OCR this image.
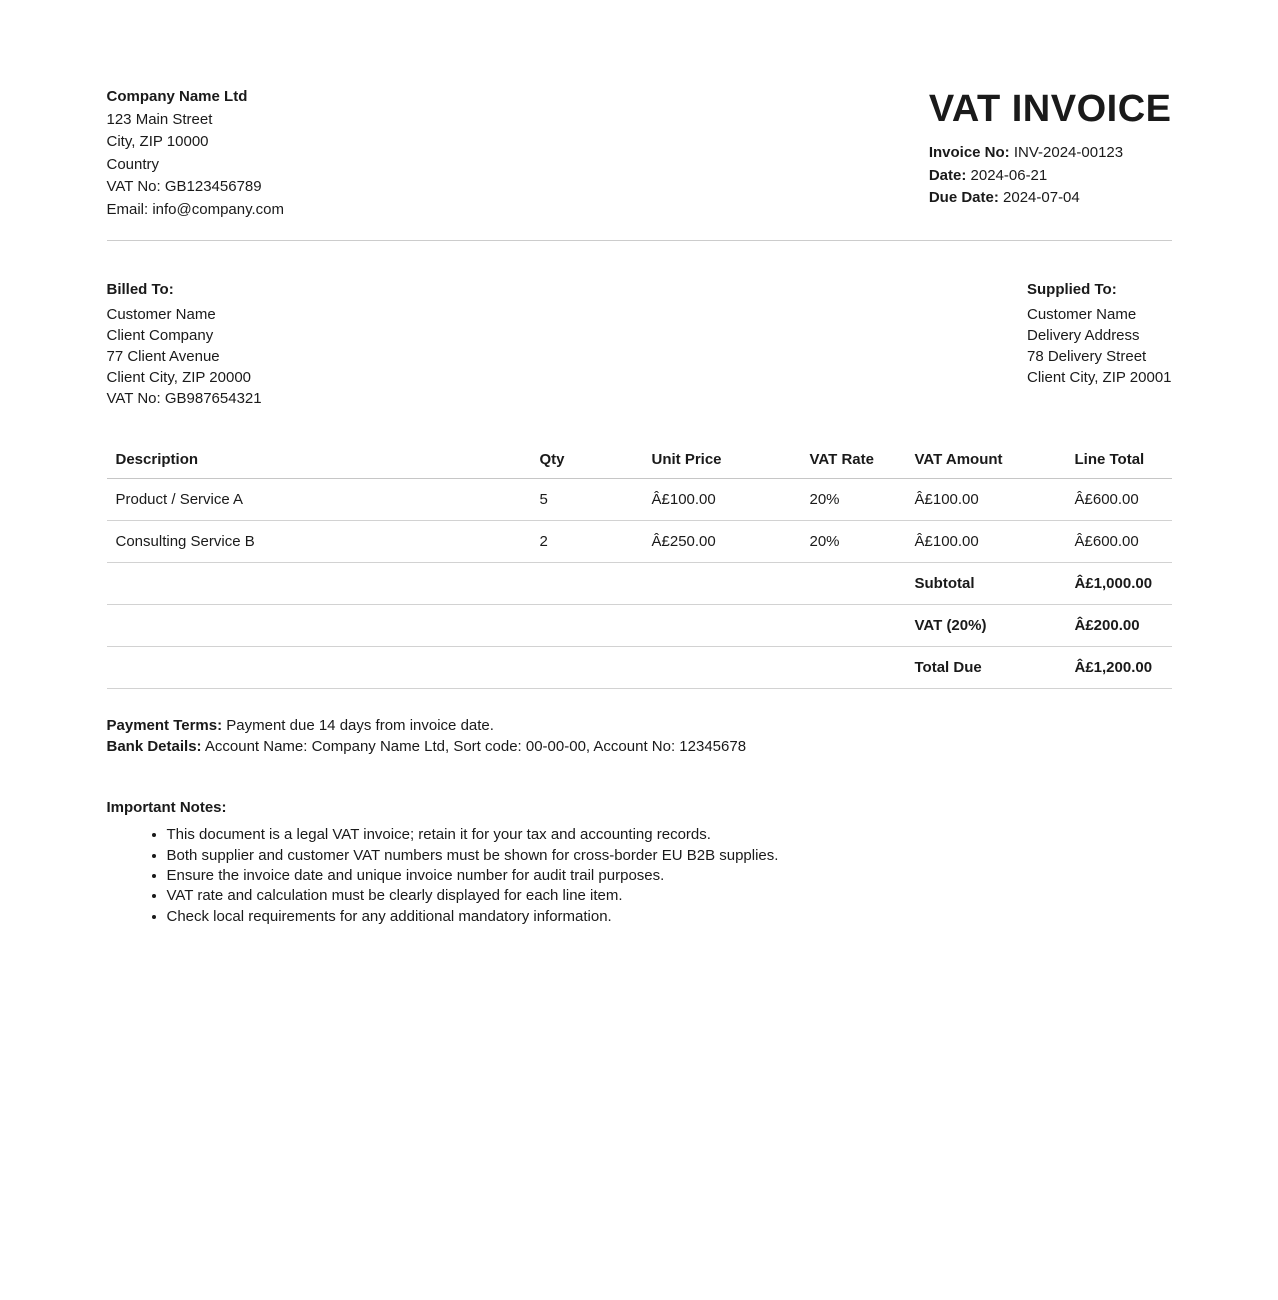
Company Name Ltd
123 Main Street
City, ZIP 10000
Country
VAT No: GB123456789
Email: info@company.com
VAT INVOICE
Invoice No: INV-2024-00123
Date: 2024-06-21
Due Date: 2024-07-04
Billed To:
Customer Name
Client Company
77 Client Avenue
Client City, ZIP 20000
VAT No: GB987654321
Supplied To:
Customer Name
Delivery Address
78 Delivery Street
Client City, ZIP 20001
Description	Qty	Unit Price	VAT Rate	VAT Amount	Line Total
Product / Service A	5	Â£100.00	20%	Â£100.00	Â£600.00
Consulting Service B	2	Â£250.00	20%	Â£100.00	Â£600.00
				Subtotal	Â£1,000.00
				VAT (20%)	Â£200.00
				Total Due	Â£1,200.00
Payment Terms: Payment due 14 days from invoice date.
Bank Details: Account Name: Company Name Ltd, Sort code: 00-00-00, Account No: 12345678
Important Notes:
• This document is a legal VAT invoice; retain it for your tax and accounting records.
• Both supplier and customer VAT numbers must be shown for cross-border EU B2B supplies.
• Ensure the invoice date and unique invoice number for audit trail purposes.
• VAT rate and calculation must be clearly displayed for each line item.
• Check local requirements for any additional mandatory information.
